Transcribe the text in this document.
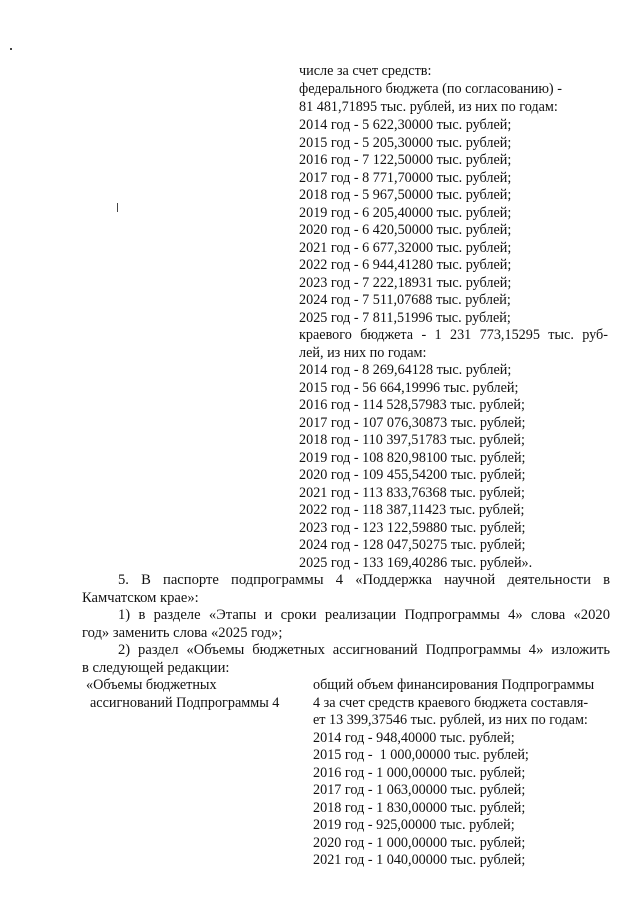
числе за счет средств:
федерального бюджета (по согласованию) -
81 481,71895 тыс. рублей, из них по годам:
2014 год - 5 622,30000 тыс. рублей;
2015 год - 5 205,30000 тыс. рублей;
2016 год - 7 122,50000 тыс. рублей;
2017 год - 8 771,70000 тыс. рублей;
2018 год - 5 967,50000 тыс. рублей;
2019 год - 6 205,40000 тыс. рублей;
2020 год - 6 420,50000 тыс. рублей;
2021 год - 6 677,32000 тыс. рублей;
2022 год - 6 944,41280 тыс. рублей;
2023 год - 7 222,18931 тыс. рублей;
2024 год - 7 511,07688 тыс. рублей;
2025 год - 7 811,51996 тыс. рублей;
краевого бюджета - 1 231 773,15295 тыс. руб-
лей, из них по годам:
2014 год - 8 269,64128 тыс. рублей;
2015 год - 56 664,19996 тыс. рублей;
2016 год - 114 528,57983 тыс. рублей;
2017 год - 107 076,30873 тыс. рублей;
2018 год - 110 397,51783 тыс. рублей;
2019 год - 108 820,98100 тыс. рублей;
2020 год - 109 455,54200 тыс. рублей;
2021 год - 113 833,76368 тыс. рублей;
2022 год - 118 387,11423 тыс. рублей;
2023 год - 123 122,59880 тыс. рублей;
2024 год - 128 047,50275 тыс. рублей;
2025 год - 133 169,40286 тыс. рублей».
5. В паспорте подпрограммы 4 «Поддержка научной деятельности в
Камчатском крае»:
1) в разделе «Этапы и сроки реализации Подпрограммы 4» слова «2020
год» заменить слова «2025 год»;
2) раздел «Объемы бюджетных ассигнований Подпрограммы 4» изложить
в следующей редакции:
«Объемы бюджетных
ассигнований Подпрограммы 4
общий объем финансирования Подпрограммы
4 за счет средств краевого бюджета составля-
ет 13 399,37546 тыс. рублей, из них по годам:
2014 год - 948,40000 тыс. рублей;
2015 год -  1 000,00000 тыс. рублей;
2016 год - 1 000,00000 тыс. рублей;
2017 год - 1 063,00000 тыс. рублей;
2018 год - 1 830,00000 тыс. рублей;
2019 год - 925,00000 тыс. рублей;
2020 год - 1 000,00000 тыс. рублей;
2021 год - 1 040,00000 тыс. рублей;
